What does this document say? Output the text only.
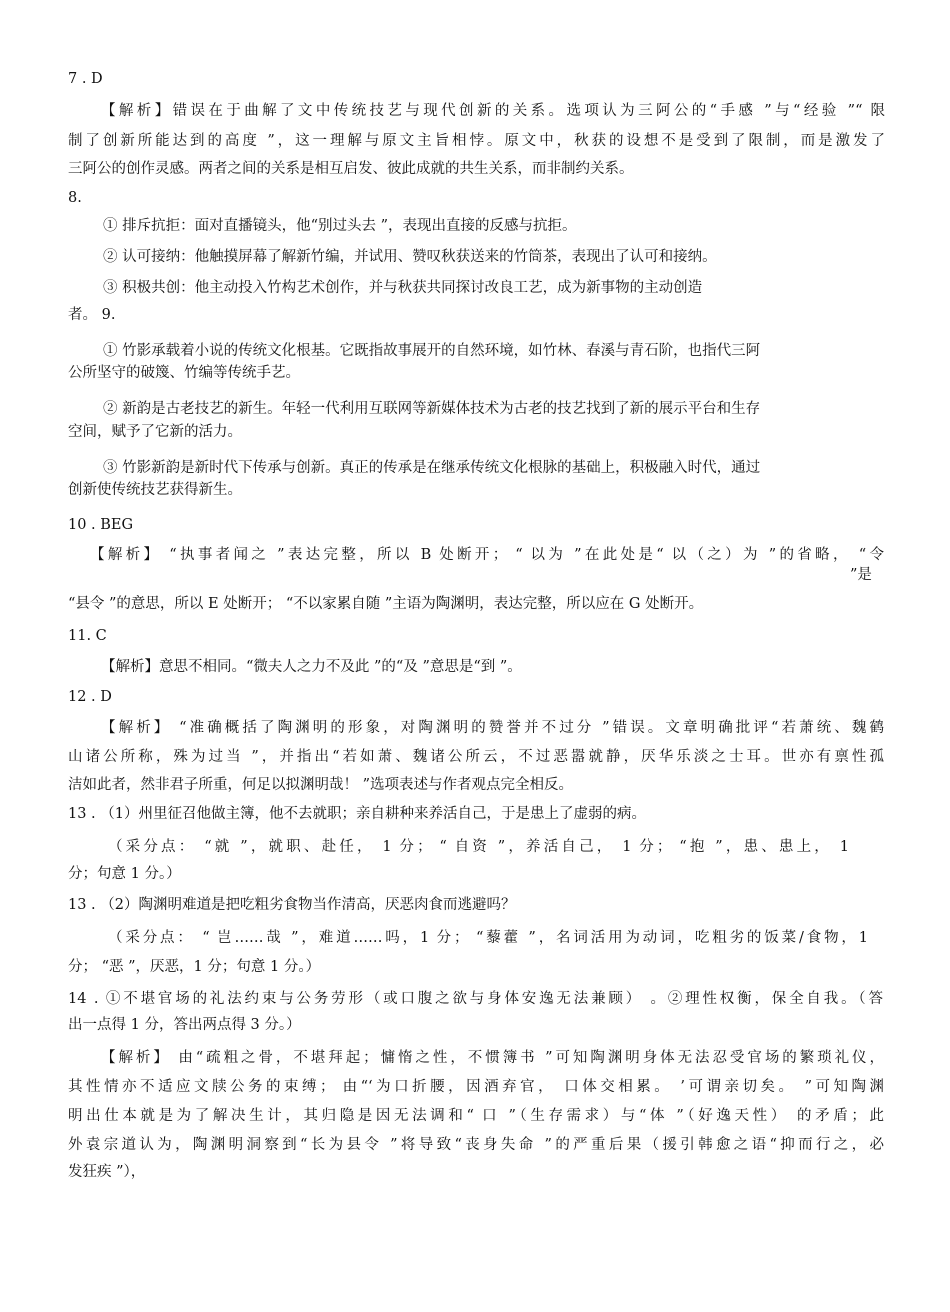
7 . D
【解析】错误在于曲解了文中传统技艺与现代创新的关系。选项认为三阿公的“手感 ”与“经验 ”“ 限
制了创新所能达到的高度 ”，这一理解与原文主旨相悖。原文中，秋获的设想不是受到了限制，而是激发了
三阿公的创作灵感。两者之间的关系是相互启发、彼此成就的共生关系，而非制约关系。
8.
① 排斥抗拒：面对直播镜头，他“别过头去 ”，表现出直接的反感与抗拒。
② 认可接纳：他触摸屏幕了解新竹编，并试用、赞叹秋获送来的竹筒茶，表现出了认可和接纳。
③ 积极共创：他主动投入竹构艺术创作，并与秋获共同探讨改良工艺，成为新事物的主动创造
者。 9.
① 竹影承载着小说的传统文化根基。它既指故事展开的自然环境，如竹林、春溪与青石阶，也指代三阿
公所坚守的破篾、竹编等传统手艺。
② 新韵是古老技艺的新生。年轻一代利用互联网等新媒体技术为古老的技艺找到了新的展示平台和生存
空间，赋予了它新的活力。
③ 竹影新韵是新时代下传承与创新。真正的传承是在继承传统文化根脉的基础上，积极融入时代，通过
创新使传统技艺获得新生。
10 . BEG
【解析】 “执事者闻之 ”表达完整，所以 B 处断开； “ 以为 ”在此处是“ 以（之）为 ”的省略， “令
”是
“县令 ”的意思，所以 E 处断开； “不以家累自随 ”主语为陶渊明，表达完整，所以应在 G 处断开。
11. C
【解析】意思不相同。“微夫人之力不及此 ”的“及 ”意思是“到 ”。
12 . D
【解析】 “准确概括了陶渊明的形象，对陶渊明的赞誉并不过分 ”错误。文章明确批评“若萧统、魏鹤
山诸公所称，殊为过当 ”，并指出“若如萧、魏诸公所云，不过恶嚣就静，厌华乐淡之士耳。世亦有禀性孤
洁如此者，然非君子所重，何足以拟渊明哉！ ”选项表述与作者观点完全相反。
13 . （1）州里征召他做主簿，他不去就职；亲自耕种来养活自己，于是患上了虚弱的病。
（采分点： “就 ”，就职、赴任， 1 分； “ 自资 ”，养活自己， 1 分； “抱 ”，患、患上， 1
分；句意 1 分。）
13 . （2）陶渊明难道是把吃粗劣食物当作清高，厌恶肉食而逃避吗？
（采分点： “ 岂……哉 ”，难道……吗，1 分； “藜藿 ”，名词活用为动词，吃粗劣的饭菜/食物，1
分； “恶 ”，厌恶，1 分；句意 1 分。）
14 . ①不堪官场的礼法约束与公务劳形（或口腹之欲与身体安逸无法兼顾） 。②理性权衡，保全自我。（答
出一点得 1 分，答出两点得 3 分。）
【解析】 由“疏粗之骨，不堪拜起；慵惰之性，不惯簿书 ”可知陶渊明身体无法忍受官场的繁琐礼仪，
其性情亦不适应文牍公务的束缚； 由“‘为口折腰，因酒弃官， 口体交相累。 ’可谓亲切矣。 ”可知陶渊
明出仕本就是为了解决生计，其归隐是因无法调和“ 口 ”（生存需求）与“体 ”（好逸天性） 的矛盾；此
外袁宗道认为，陶渊明洞察到“长为县令 ”将导致“丧身失命 ”的严重后果（援引韩愈之语“抑而行之，必
发狂疾 ”），
